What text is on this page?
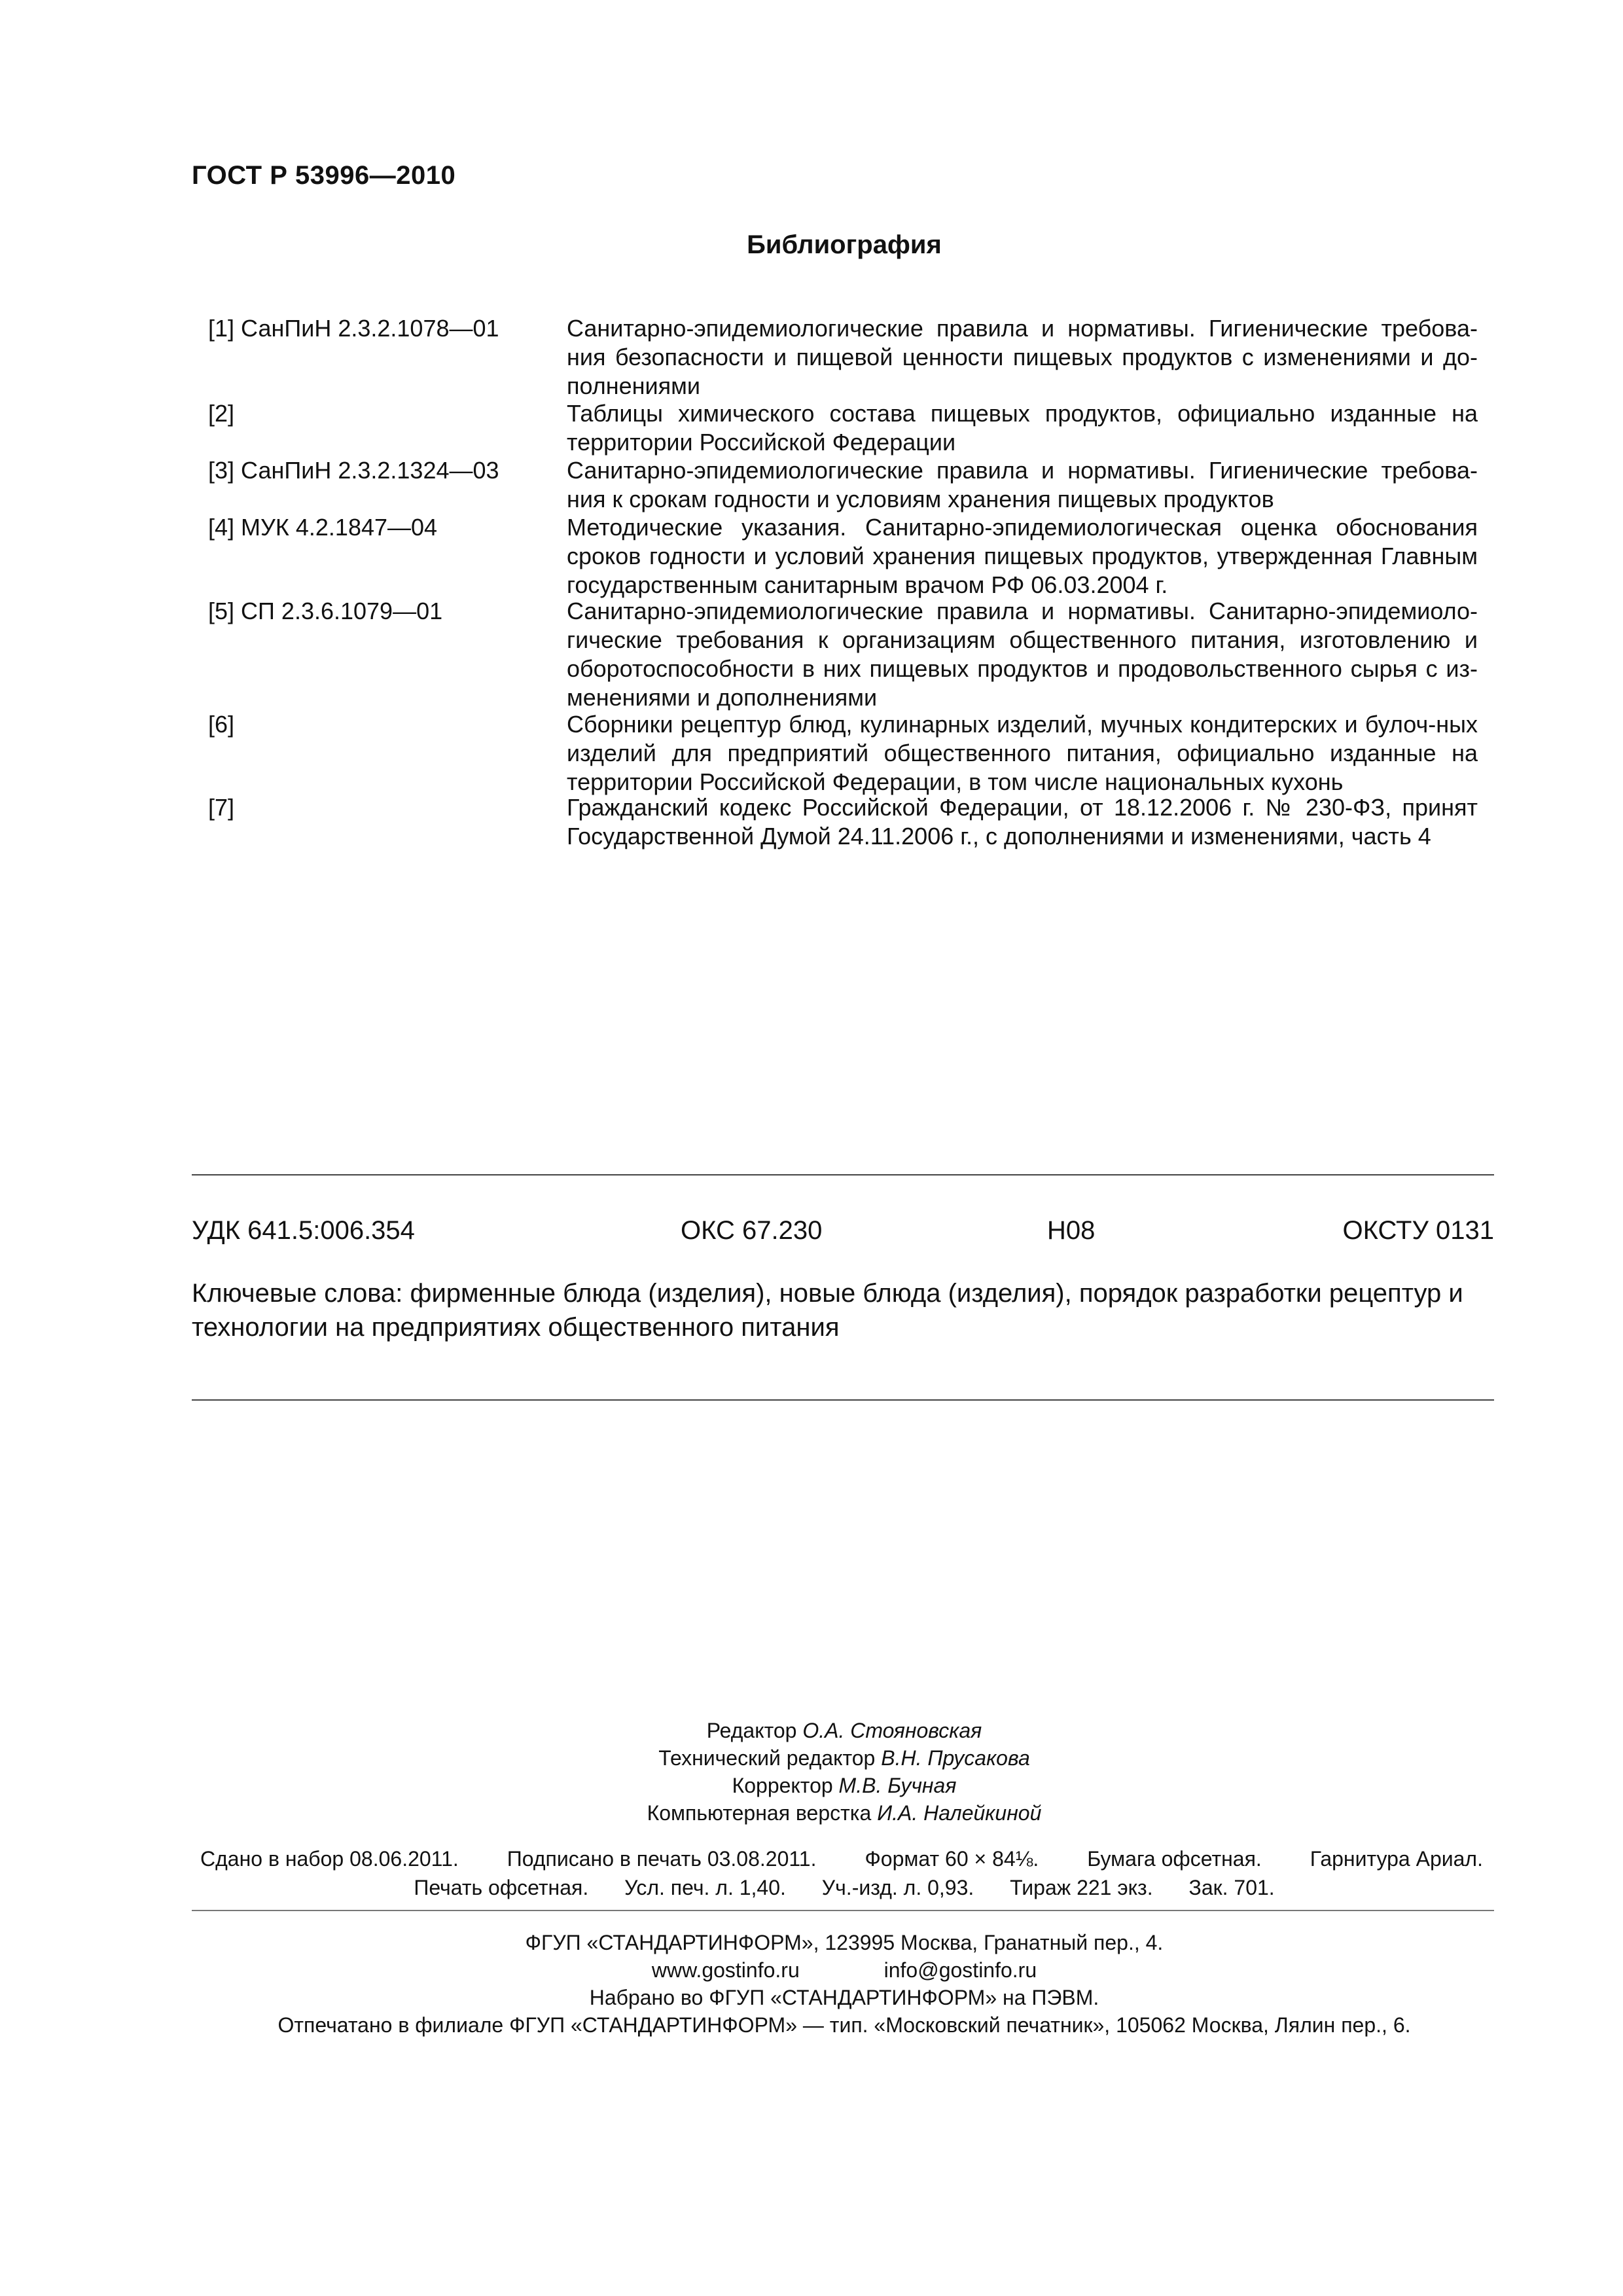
ГОСТ Р 53996—2010
Библиография
[1] СанПиН 2.3.2.1078—01	Санитарно-эпидемиологические правила и нормативы. Гигиенические требова-ния безопасности и пищевой ценности пищевых продуктов с изменениями и до-полнениями
[2]	Таблицы химического состава пищевых продуктов, официально изданные на территории Российской Федерации
[3] СанПиН 2.3.2.1324—03	Санитарно-эпидемиологические правила и нормативы. Гигиенические требова-ния к срокам годности и условиям хранения пищевых продуктов
[4] МУК 4.2.1847—04	Методические указания. Санитарно-эпидемиологическая оценка обоснования сроков годности и условий хранения пищевых продуктов, утвержденная Главным государственным санитарным врачом РФ 06.03.2004 г.
[5] СП 2.3.6.1079—01	Санитарно-эпидемиологические правила и нормативы. Санитарно-эпидемиоло-гические требования к организациям общественного питания, изготовлению и оборотоспособности в них пищевых продуктов и продовольственного сырья с из-менениями и дополнениями
[6]	Сборники рецептур блюд, кулинарных изделий, мучных кондитерских и булоч-ных изделий для предприятий общественного питания, официально изданные на территории Российской Федерации, в том числе национальных кухонь
[7]	Гражданский кодекс Российской Федерации, от 18.12.2006 г. № 230-ФЗ, принят Государственной Думой 24.11.2006 г., с дополнениями и изменениями, часть 4
УДК 641.5:006.354	ОКС 67.230	Н08	ОКСТУ 0131
Ключевые слова: фирменные блюда (изделия), новые блюда (изделия), порядок разработки рецептур и технологии на предприятиях общественного питания
Редактор О.А. Стояновская
Технический редактор В.Н. Прусакова
Корректор М.В. Бучная
Компьютерная верстка И.А. Налейкиной
Сдано в набор 08.06.2011. Подписано в печать 03.08.2011. Формат 60 × 84⅛. Бумага офсетная. Гарнитура Ариал.
Печать офсетная. Усл. печ. л. 1,40. Уч.-изд. л. 0,93. Тираж 221 экз. Зак. 701.
ФГУП «СТАНДАРТИНФОРМ», 123995 Москва, Гранатный пер., 4.
www.gostinfo.ru	info@gostinfo.ru
Набрано во ФГУП «СТАНДАРТИНФОРМ» на ПЭВМ.
Отпечатано в филиале ФГУП «СТАНДАРТИНФОРМ» — тип. «Московский печатник», 105062 Москва, Лялин пер., 6.
